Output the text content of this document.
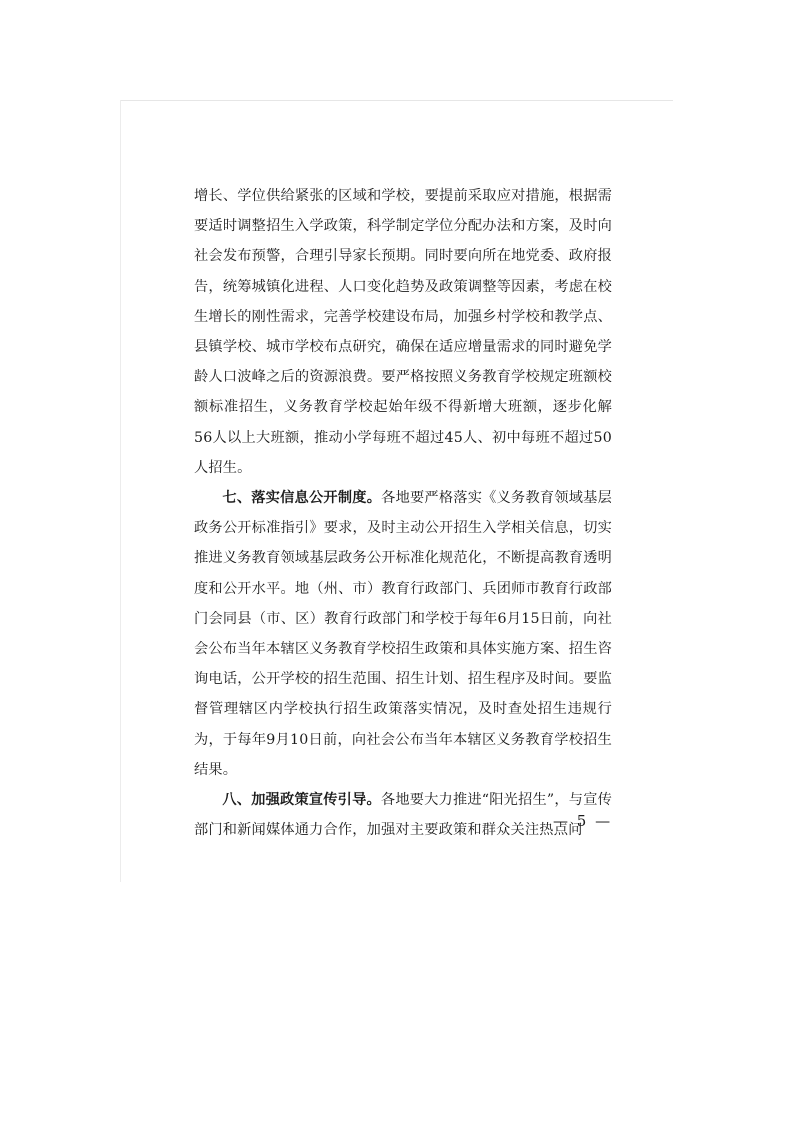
增长、学位供给紧张的区域和学校，要提前采取应对措施，根据需要适时调整招生入学政策，科学制定学位分配办法和方案，及时向社会发布预警，合理引导家长预期。同时要向所在地党委、政府报告，统筹城镇化进程、人口变化趋势及政策调整等因素，考虑在校生增长的刚性需求，完善学校建设布局，加强乡村学校和教学点、县镇学校、城市学校布点研究，确保在适应增量需求的同时避免学龄人口波峰之后的资源浪费。要严格按照义务教育学校规定班额校额标准招生，义务教育学校起始年级不得新增大班额，逐步化解56人以上大班额，推动小学每班不超过45人、初中每班不超过50人招生。

七、落实信息公开制度。各地要严格落实《义务教育领域基层政务公开标准指引》要求，及时主动公开招生入学相关信息，切实推进义务教育领域基层政务公开标准化规范化，不断提高教育透明度和公开水平。地（州、市）教育行政部门、兵团师市教育行政部门会同县（市、区）教育行政部门和学校于每年6月15日前，向社会公布当年本辖区义务教育学校招生政策和具体实施方案、招生咨询电话，公开学校的招生范围、招生计划、招生程序及时间。要监督管理辖区内学校执行招生政策落实情况，及时查处招生违规行为，于每年9月10日前，向社会公布当年本辖区义务教育学校招生结果。

八、加强政策宣传引导。各地要大力推进“阳光招生”，与宣传部门和新闻媒体通力合作，加强对主要政策和群众关注热点问

— 5 —
